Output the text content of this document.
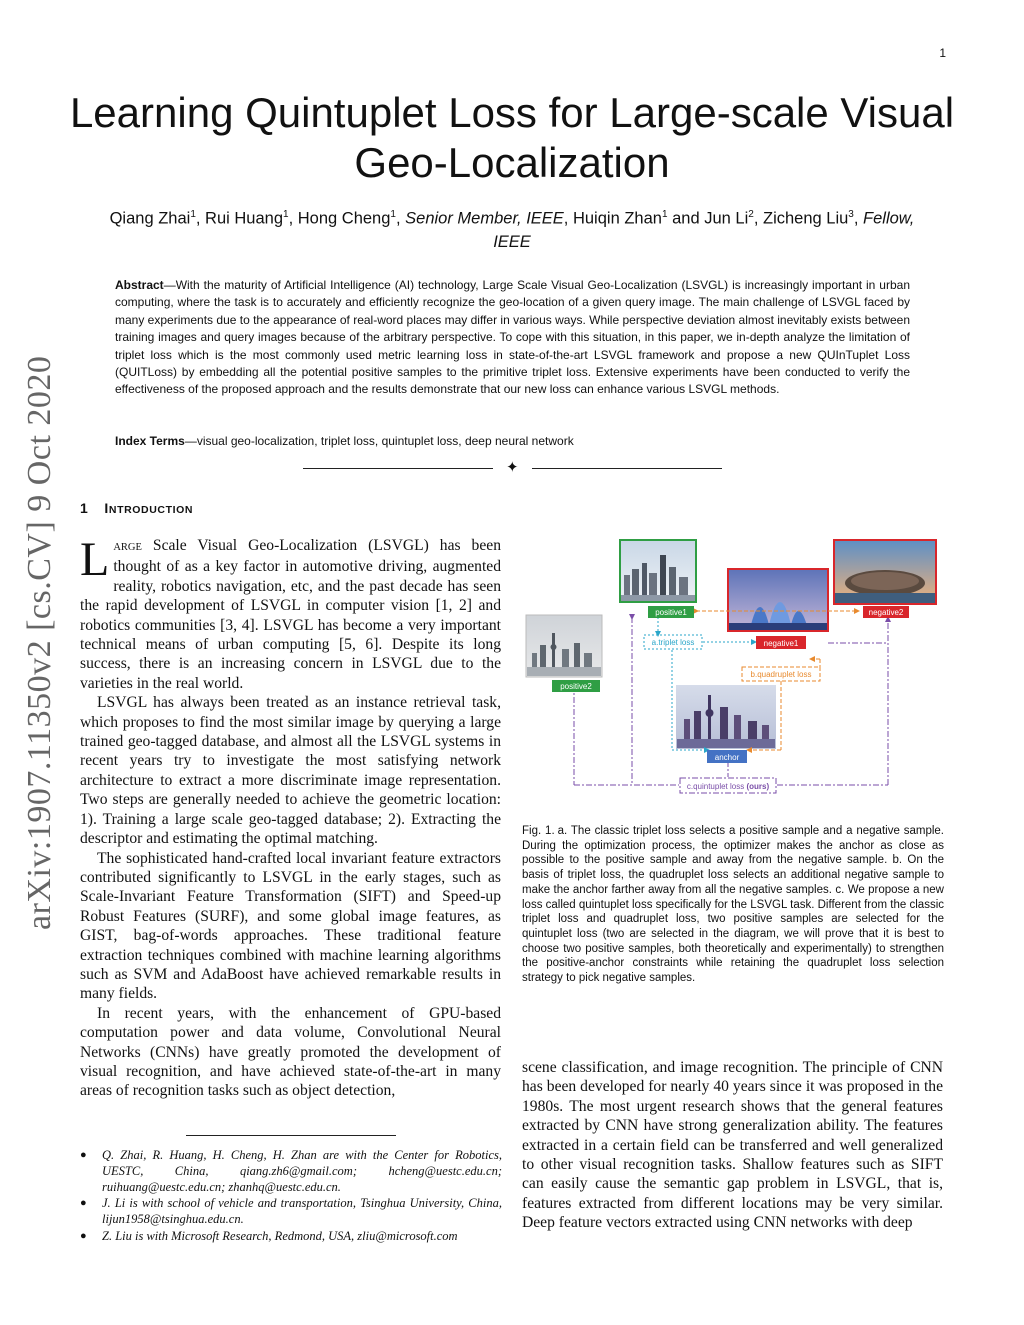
1
Learning Quintuplet Loss for Large-scale Visual Geo-Localization
Qiang Zhai$^1$, Rui Huang$^1$, Hong Cheng$^1$, Senior Member, IEEE, Huiqin Zhan$^1$ and Jun Li$^2$, Zicheng Liu$^3$, Fellow, IEEE
arXiv:1907.11350v2 [cs.CV] 9 Oct 2020
Abstract—With the maturity of Artificial Intelligence (AI) technology, Large Scale Visual Geo-Localization (LSVGL) is increasingly important in urban computing, where the task is to accurately and efficiently recognize the geo-location of a given query image. The main challenge of LSVGL faced by many experiments due to the appearance of real-word places may differ in various ways. While perspective deviation almost inevitably exists between training images and query images because of the arbitrary perspective. To cope with this situation, in this paper, we in-depth analyze the limitation of triplet loss which is the most commonly used metric learning loss in state-of-the-art LSVGL framework and propose a new QUInTuplet Loss (QUITLoss) by embedding all the potential positive samples to the primitive triplet loss. Extensive experiments have been conducted to verify the effectiveness of the proposed approach and the results demonstrate that our new loss can enhance various LSVGL methods.
Index Terms—visual geo-localization, triplet loss, quintuplet loss, deep neural network
✦
1 INTRODUCTION

LARGE Scale Visual Geo-Localization (LSVGL) has been thought of as a key factor in automotive driving, augmented reality, robotics navigation, etc, and the past decade has seen the rapid development of LSVGL in computer vision [1, 2] and robotics communities [3, 4]. LSVGL has become a very important technical means of urban computing [5, 6]. Despite its long success, there is an increasing concern in LSVGL due to the varieties in the real world.

LSVGL has always been treated as an instance retrieval task, which proposes to find the most similar image by querying a large trained geo-tagged database, and almost all the LSVGL systems in recent years try to investigate the most satisfying network architecture to extract a more discriminate image representation. Two steps are generally needed to achieve the geometric location: 1). Training a large scale geo-tagged database; 2). Extracting the descriptor and estimating the optimal matching.

The sophisticated hand-crafted local invariant feature extractors contributed significantly to LSVGL in the early stages, such as Scale-Invariant Feature Transformation (SIFT) and Speed-up Robust Features (SURF), and some global image features, as GIST, bag-of-words approaches. These traditional feature extraction techniques combined with machine learning algorithms such as SVM and AdaBoost have achieved remarkable results in many fields.

In recent years, with the enhancement of GPU-based computation power and data volume, Convolutional Neural Networks (CNNs) have greatly promoted the development of visual recognition, and have achieved state-of-the-art in many areas of recognition tasks such as object detection,

● Q. Zhai, R. Huang, H. Cheng, H. Zhan are with the Center for Robotics, UESTC, China, qiang.zh6@gmail.com; hcheng@uestc.edu.cn; ruihuang@uestc.edu.cn; zhanhq@uestc.edu.cn.
● J. Li is with school of vehicle and transportation, Tsinghua University, China, lijun1958@tsinghua.edu.cn.
● Z. Liu is with Microsoft Research, Redmond, USA, zliu@microsoft.com
positive1	negative2
negative1
positive2
anchor
a.triplet loss
b.quadruplet loss
c.quintuplet loss (ours)
Fig. 1. a. The classic triplet loss selects a positive sample and a negative sample. During the optimization process, the optimizer makes the anchor as close as possible to the positive sample and away from the negative sample. b. On the basis of triplet loss, the quadruplet loss selects an additional negative sample to make the anchor farther away from all the negative samples. c. We propose a new loss called quintuplet loss specifically for the LSVGL task. Different from the classic triplet loss and quadruplet loss, two positive samples are selected for the quintuplet loss (two are selected in the diagram, we will prove that it is best to choose two positive samples, both theoretically and experimentally) to strengthen the positive-anchor constraints while retaining the quadruplet loss selection strategy to pick negative samples.

scene classification, and image recognition. The principle of CNN has been developed for nearly 40 years since it was proposed in the 1980s. The most urgent research shows that the general features extracted by CNN have strong generalization ability. The features extracted in a certain field can be transferred and well generalized to other visual recognition tasks. Shallow features such as SIFT can easily cause the semantic gap problem in LSVGL, that is, features extracted from different locations may be very similar. Deep feature vectors extracted using CNN networks with deep
